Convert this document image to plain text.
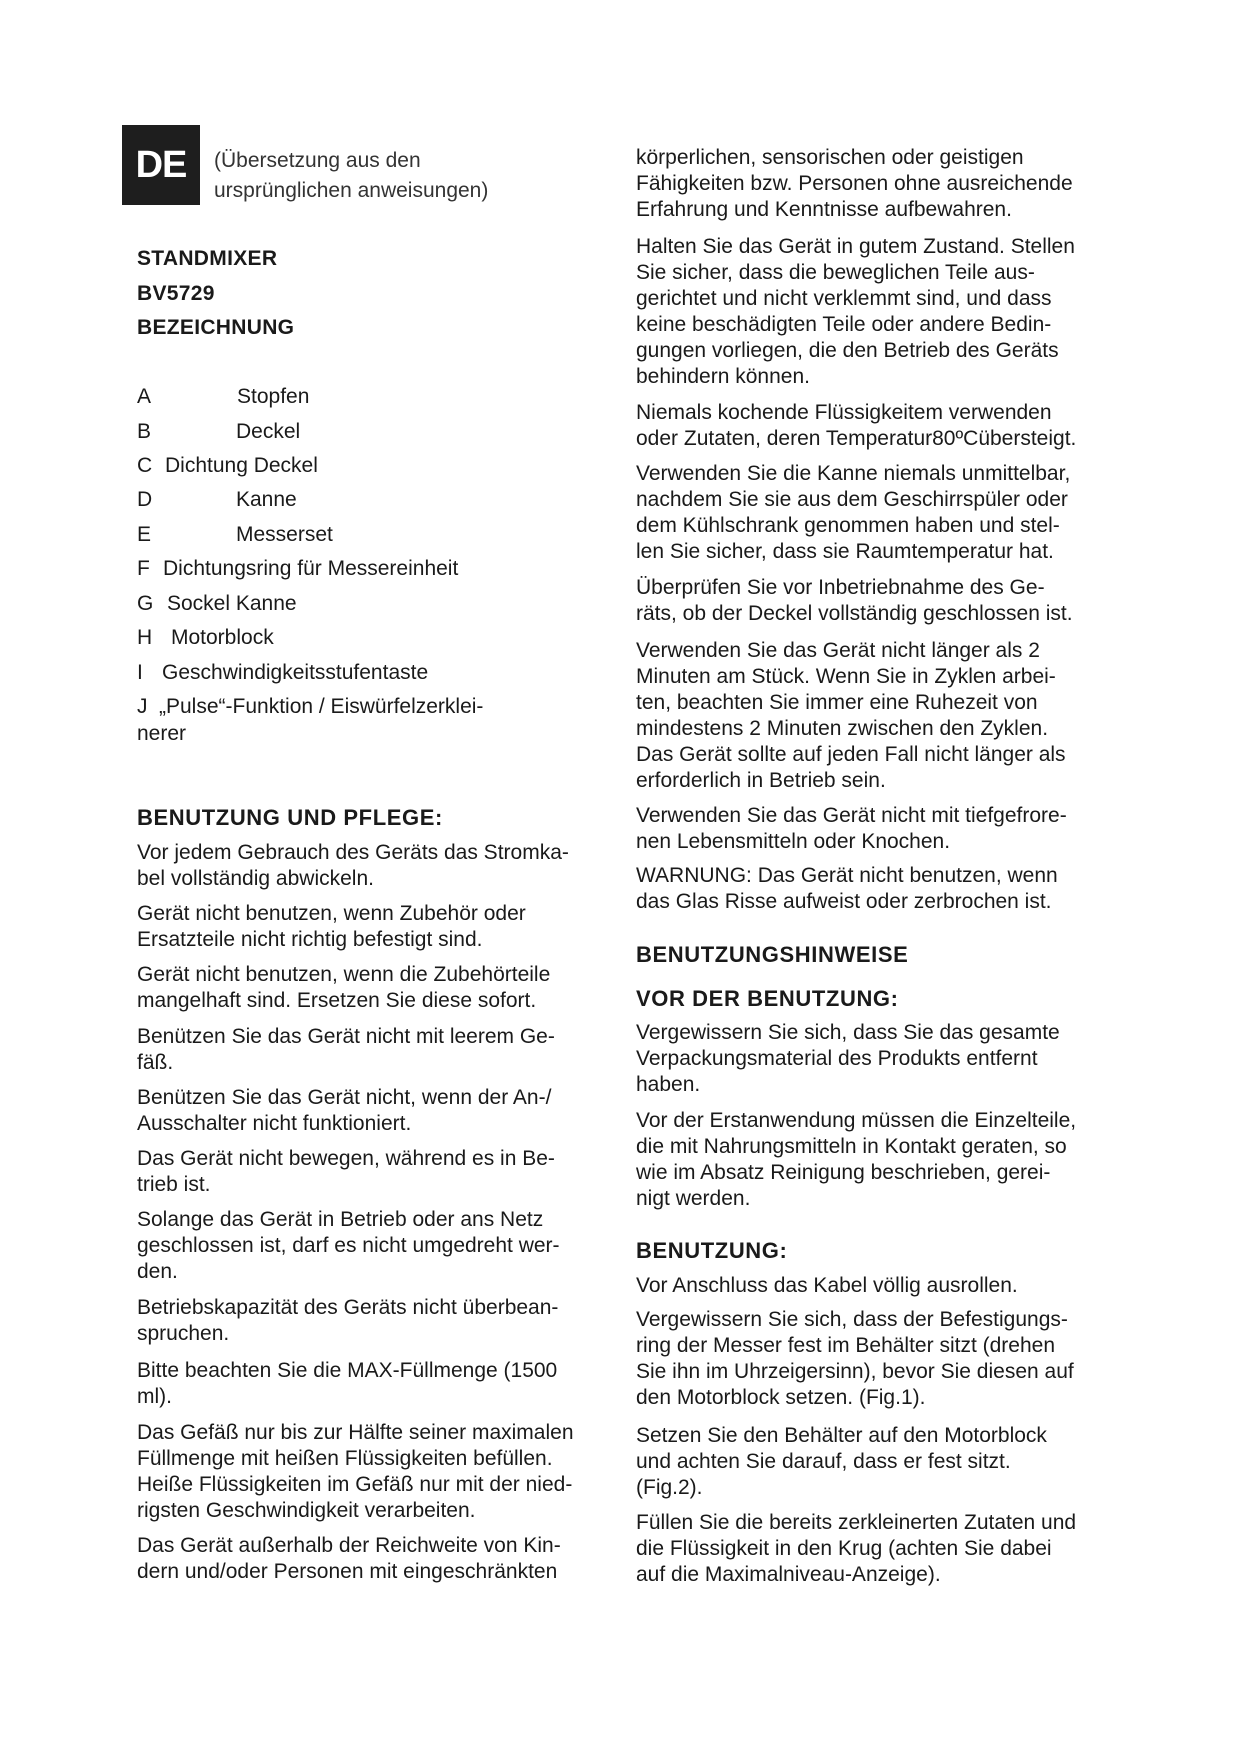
DE	(Übersetzung aus den
ursprünglichen anweisungen)
STANDMIXER
BV5729
BEZEICHNUNG
A	Stopfen
B	Deckel
C Dichtung Deckel
D	Kanne
E	Messerset
F Dichtungsring für Messereinheit
G Sockel Kanne
H Motorblock
I Geschwindigkeitsstufentaste
J „Pulse“-Funktion / Eiswürfelzerklei-
nerer
BENUTZUNG UND PFLEGE:
Vor jedem Gebrauch des Geräts das Stromka-
bel vollständig abwickeln.
Gerät nicht benutzen, wenn Zubehör oder
Ersatzteile nicht richtig befestigt sind.
Gerät nicht benutzen, wenn die Zubehörteile
mangelhaft sind. Ersetzen Sie diese sofort.
Benützen Sie das Gerät nicht mit leerem Ge-
fäß.
Benützen Sie das Gerät nicht, wenn der An-/
Ausschalter nicht funktioniert.
Das Gerät nicht bewegen, während es in Be-
trieb ist.
Solange das Gerät in Betrieb oder ans Netz
geschlossen ist, darf es nicht umgedreht wer-
den.
Betriebskapazität des Geräts nicht überbean-
spruchen.
Bitte beachten Sie die MAX-Füllmenge (1500
ml).
Das Gefäß nur bis zur Hälfte seiner maximalen
Füllmenge mit heißen Flüssigkeiten befüllen.
Heiße Flüssigkeiten im Gefäß nur mit der nied-
rigsten Geschwindigkeit verarbeiten.
Das Gerät außerhalb der Reichweite von Kin-
dern und/oder Personen mit eingeschränkten
körperlichen, sensorischen oder geistigen
Fähigkeiten bzw. Personen ohne ausreichende
Erfahrung und Kenntnisse aufbewahren.
Halten Sie das Gerät in gutem Zustand. Stellen
Sie sicher, dass die beweglichen Teile aus-
gerichtet und nicht verklemmt sind, und dass
keine beschädigten Teile oder andere Bedin-
gungen vorliegen, die den Betrieb des Geräts
behindern können.
Niemals kochende Flüssigkeitem verwenden
oder Zutaten, deren Temperatur80ºCübersteigt.
Verwenden Sie die Kanne niemals unmittelbar,
nachdem Sie sie aus dem Geschirrspüler oder
dem Kühlschrank genommen haben und stel-
len Sie sicher, dass sie Raumtemperatur hat.
Überprüfen Sie vor Inbetriebnahme des Ge-
räts, ob der Deckel vollständig geschlossen ist.
Verwenden Sie das Gerät nicht länger als 2
Minuten am Stück. Wenn Sie in Zyklen arbei-
ten, beachten Sie immer eine Ruhezeit von
mindestens 2 Minuten zwischen den Zyklen.
Das Gerät sollte auf jeden Fall nicht länger als
erforderlich in Betrieb sein.
Verwenden Sie das Gerät nicht mit tiefgefrore-
nen Lebensmitteln oder Knochen.
WARNUNG: Das Gerät nicht benutzen, wenn
das Glas Risse aufweist oder zerbrochen ist.
BENUTZUNGSHINWEISE
VOR DER BENUTZUNG:
Vergewissern Sie sich, dass Sie das gesamte
Verpackungsmaterial des Produkts entfernt
haben.
Vor der Erstanwendung müssen die Einzelteile,
die mit Nahrungsmitteln in Kontakt geraten, so
wie im Absatz Reinigung beschrieben, gerei-
nigt werden.
BENUTZUNG:
Vor Anschluss das Kabel völlig ausrollen.
Vergewissern Sie sich, dass der Befestigungs-
ring der Messer fest im Behälter sitzt (drehen
Sie ihn im Uhrzeigersinn), bevor Sie diesen auf
den Motorblock setzen. (Fig.1).
Setzen Sie den Behälter auf den Motorblock
und achten Sie darauf, dass er fest sitzt.
(Fig.2).
Füllen Sie die bereits zerkleinerten Zutaten und
die Flüssigkeit in den Krug (achten Sie dabei
auf die Maximalniveau-Anzeige).
